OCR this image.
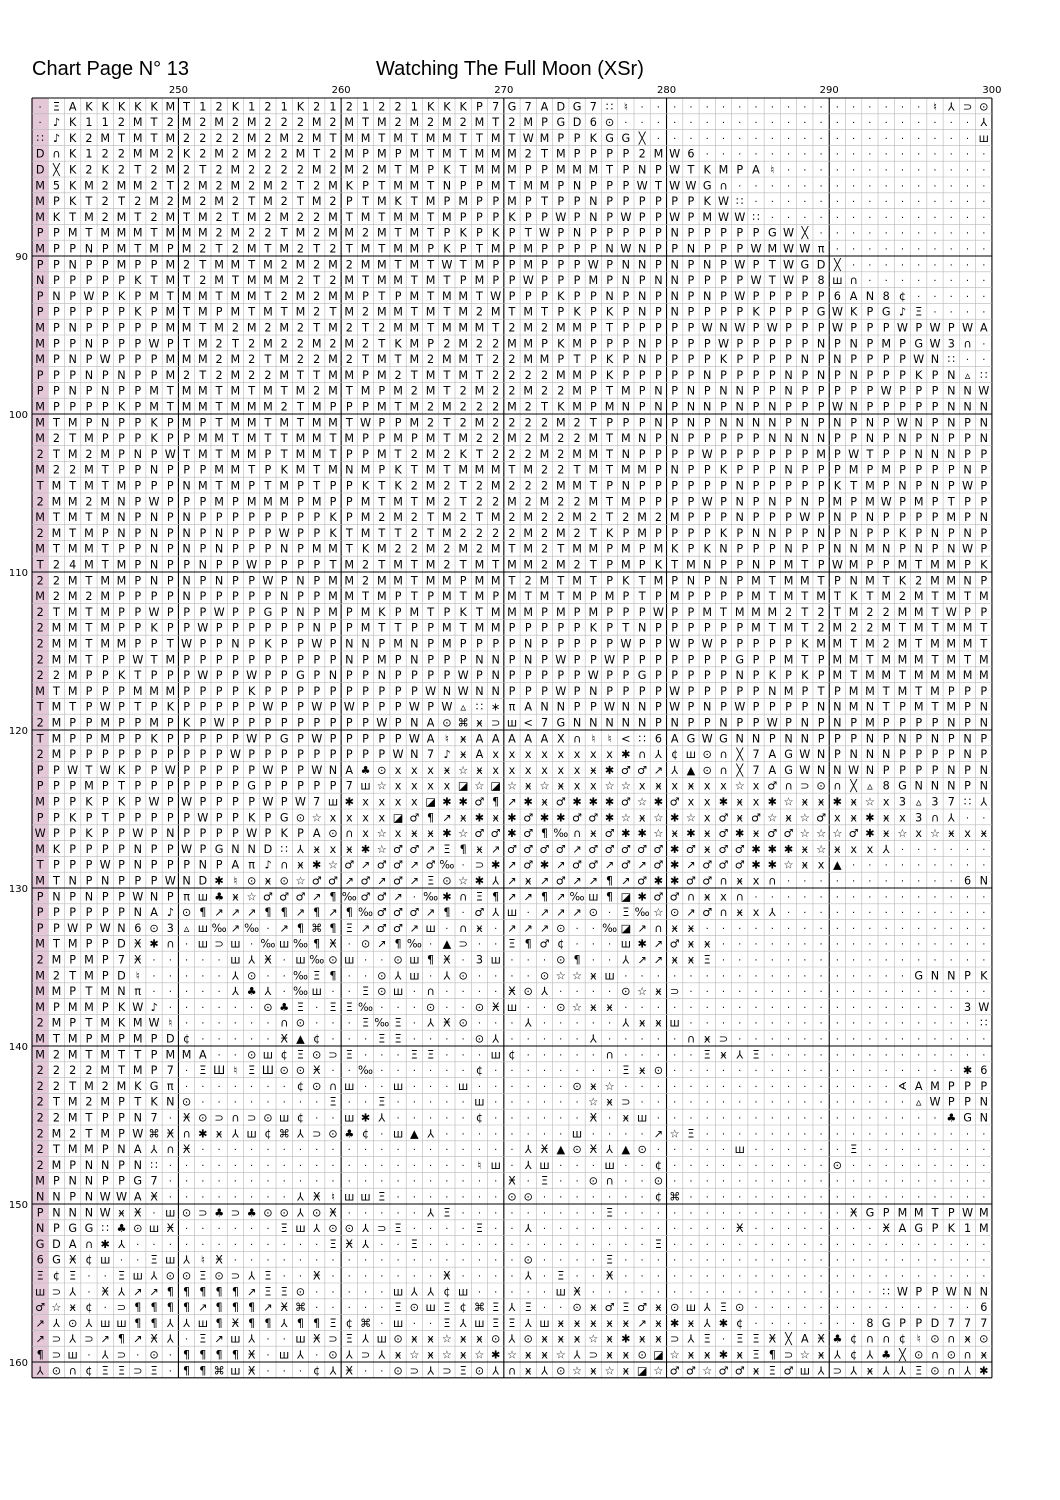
Chart Page N° 13	Watching The Full Moon (XSr)
· Ξ A K K K K K M T 1 2 K 1 2 1 K 2 1 2 1 2 2 1 K K K P 7 G 7 A D G 7 ∷ ♮ · · · · · · · · · · · · · · · · · · ♮ ⅄ ⊃ ⊙
· ♪ K 1 1 2 M T 2 M 2 M 2 M 2 2 2 M 2 M T M 2 M 2 M 2 M T 2 M P G D 6 ⊙ · · · · · · · · · · · · · · · · · · · · · · ⅄
∷ ♪ K 2 M T M T M 2 2 2 2 M 2 M 2 M T M M T M T M M T T M T W M P P K G G ╳ · · · · · · · · · · · · · · · · · · · · ш
D ∩ K 1 2 2 M M 2 K 2 M 2 M 2 2 M T 2 M P M P M T M T M M M 2 T M P P P P 2 M W 6 · · · · · · · · · · · · · · · · · ·
D ╳ K 2 K 2 T 2 M 2 T 2 M 2 2 2 2 M 2 M 2 M T M P K T M M M P P M M M T P N P W T K M P A ♮ · · · · · · · · · · · · ·
M 5 K M 2 M M 2 T 2 M 2 M 2 M 2 T 2 M K P T M M T N P P M T M M P N P P P W T W W G ∩ · · · · · · · · · · · · · · · ·
M P K T 2 T 2 M 2 M 2 M 2 T M 2 T M 2 P T M K T M P M P P M P T P P N P P P P P P K W ∷ · · · · · · · · · · · · · · ·
M K T M 2 M T 2 M T M 2 T M 2 M 2 2 M T M T M M T M P P P K P P W P N P W P P W P M W W ∷ · · · · · · · · · · · · · ·
P P M T M M M T M M M 2 M 2 2 T M 2 M M 2 M T M T P K P K P T W P N P P P P P N P P P P P G W ╳ · · · · · · · · · · ·
M P P N P M T M P M 2 T 2 M T M 2 T 2 T M T M M P K P T M P M P P P P N W N P P N P P P W M W W π · · · · · · · · · ·
P P N P P M P P M 2 T M M T M 2 M 2 M 2 M M T M T W T M P P M P P P W P N N P N P N P W P T W G D ╳ · · · · · · · · ·
N P P P P P K T M T 2 M T M M M 2 T 2 M T M M T M T P M P P W P P P M P N P N N P P P P W T W P 8 ш ∩ · · · · · · · ·
P N P W P K P M T M M T M M T 2 M 2 M M P T P M T M M T W P P P K P P N P N P N P N P W P P P P P 6 A N 8 ¢ · · · · ·
P P P P P P K P M T M P M T M T M 2 T M 2 M M T M T M 2 M T M T P K P K P N P N P P P P K P P P G W K P G ♪ Ξ · · · ·
M P N P P P P P M M T M 2 M 2 M 2 T M 2 T 2 M M T M M M T 2 M 2 M M P T P P P P P W N W P W P P P W P P P W P W P W A
M P P N P P P W P T M 2 T 2 M 2 2 M 2 M 2 T K M P 2 M 2 2 M M P K M P P P N P P P P W P P P P P N P N P M P G W 3 ∩ ·
M P N P W P P P M M M 2 M 2 T M 2 2 M 2 T M T M 2 M M T 2 2 M M P T P K P N P P P P K P P P P N P N P P P P W N ∷ · ·
P P P N P N P P M 2 T 2 M 2 2 M T T M M P M 2 T M T M T 2 2 2 2 M M P K P P P P P N P P P P N P N P N P P P K P N ▵ ∷
P P N P N P P M T M M T M T M T M 2 M T M P M 2 M T 2 M 2 2 M 2 2 M P T M P N P N P N N P P N P P P P P W P P P N N W
M P P P P K P M T M M T M M M 2 T M P P P M T M 2 M 2 2 2 M 2 T K M P M N P N P N N P N P N P P P W N P P P P P N N N
M T M P N P P K P M P T M M T M T M M T W P P M 2 T 2 M 2 2 2 2 M 2 T P P P N P N P N N N N P N P N P N P W N P N P N
M 2 T M P P P K P P M M T M T T M M T M P P M P M T M 2 2 M 2 M 2 2 M T M N P N P P P P P N N N N P P N P N P N P P N
2 T M 2 M P N P W T M T M M P T M M T P P M T 2 M 2 K T 2 2 2 M 2 M M T N P P P P W P P P P P P M P W T P P N N N P P
M 2 2 M T P P N P P P M M T P K M T M N M P K T M T M M M T M 2 2 T M T M M P N P P K P P P N P P P M P M P P P P N P
T M T M T M P P P N M T M P T M P T P P K T K 2 M 2 T 2 M 2 2 2 M M T P N P P P P P P N P P P P P K T M P N P N P W P
2 M M 2 M N P W P P P M P M M M P M P P M T M T M 2 T 2 2 M 2 M 2 2 M T M P P P P W P N P N P N P M P M W P M P T P P
M T M T M N P N P N P P P P P P P P K P M 2 M 2 T M 2 T M 2 M 2 2 M 2 T 2 M 2 M P P P N P P P W P N P N P P P P M P N
2 M T M P N P N P N P N P P P W P P K T M T T 2 T M 2 2 2 2 M 2 M 2 T K P M P P P P K P N N P P N P N P P K P N P N P
M T M M T P P N P N P N P P P N P M M T K M 2 2 M 2 M 2 M T M 2 T M M P M P M K P K N P P P N P P N N M N P N P N W P
T 2 4 M T M P N P P N P P W P P P P T M 2 T M T M 2 T M T M M 2 M 2 T P M P K T M N P P N P M T P W M P P M T M M P K
2 2 M T M M P N P N P N P P W P N P M M 2 M M T M M P M M T 2 M T M T P K T M P N P N P M T M M T P N M T K 2 M M N P
M 2 M 2 M P P P P N P P P P P N P P M M T M P T P M T M P M T M T M P M P T P M P P P P M T M T M T K T M 2 M T M T M
2 T M T M P P W P P P W P P G P N P M P M K P M T P K T M M M P M P M P P P W P P M T M M M 2 T 2 T M 2 2 M M T W P P
2 M M T M P P K P P W P P P P P P N P P M T T P P M T M M P P P P P K P T N P P P P P P M T M T 2 M 2 2 M T M T M M T
2 M M T M M P P T W P P N P K P P W P N N P M N P M P P P P N P P P P P W P P W P W P P P P P K M M T M 2 M T M M M T
2 M M T P P W T M P P P P P P P P P P N P M P N P P P N N P N P W P P W P P P P P P P G P P M T P M M T M M M T M T M
2 2 M P P K T P P P W P P W P P G P N P P N P P P P W P N P P P P P W P P G P P P P P N P K P K P M T M M T M M M M M
M T M P P P M M M P P P P K P P P P P P P P P P W N W N N P P P W P N P P P P W P P P P P N M P T P M M T M T M P P P
T M T P W P T P K P P P P P W P P W P W P P P W P W ▵ ∷ ∗ π A N N P P W N N P W P N P W P P P P N N M N T P M T M P N
2 M P P M P P M P K P W P P P P P P P P P W P N A ⊙ ⌘ ӿ ⊃ ш < 7 G N N N N N P N P P N P P W P N P N P M P P P P N P N
T M P P M P P K P P P P P W P G P W P P P P P W A ♮ ӿ A A A A A X ∩ ♮ ♮ < ∷ 6 A G W G N N P N N P P P N P N P N P N P
2 M P P P P P P P P P P W P P P P P P P P P W N 7 ♪ ӿ A x x x x x x x x ✱ ∩ ⅄ ¢ ш ⊙ ∩ ╳ 7 A G W N P N N N P P P P N P
P P W T W K P P W P P P P P W P P W N A ♣ ⊙ x x x ӿ ☆ ӿ x x x x x x ӿ ✱ ♂ ♂ ↗ ⅄ ▲ ⊙ ∩ ╳ 7 A G W N N W N P P P P N P N
P P P M P T P P P P P P P G P P P P P 7 ш ☆ x x x x ◪ ☆ ◪ ☆ ӿ ☆ ӿ x x ☆ ☆ x ӿ x ӿ x x ☆ x ♂ ∩ ⊃ ⊙ ∩ ╳ ▵ 8 G N N N P N
M P P K P K P W P W P P P P W P W 7 ш ✱ x x x x ◪ ✱ ✱ ♂ ¶ ↗ ✱ ӿ ♂ ✱ ✱ ✱ ♂ ☆ ✱ ♂ x x ✱ ӿ x ✱ ☆ ӿ ӿ ✱ ӿ ☆ x 3 ▵ 3 7 ∷ ⅄
P P K P T P P P P P W P P K P G ⊙ ☆ x x x x ◪ ♂ ¶ ↗ ӿ ✱ ӿ ✱ ♂ ✱ ✱ ♂ ♂ ✱ ☆ ӿ ☆ ✱ ☆ x ♂ ӿ ♂ ☆ ӿ ☆ ♂ x ӿ ✱ ӿ x 3 ∩ ⅄ · ·
W P P K P P W P N P P P P W P K P A ⊙ ∩ x ☆ x ӿ ӿ ✱ ☆ ♂ ♂ ✱ ♂ ¶ ‰ ∩ ӿ ♂ ✱ ✱ ☆ ӿ ✱ ӿ ♂ ✱ ӿ ♂ ♂ ☆ ☆ ☆ ♂ ✱ ӿ ☆ x ☆ ӿ x ӿ
M K P P P P N P P W P G N N D ∷ ⅄ ӿ x ӿ ✱ ☆ ♂ ♂ ↗ Ξ ¶ ӿ ↗ ♂ ♂ ♂ ♂ ↗ ♂ ♂ ♂ ♂ ♂ ✱ ♂ ӿ ♂ ♂ ✱ ✱ ✱ ӿ ☆ ӿ x x ⅄ · · · · · ·
T P P P W P N P P P N P A π ♪ ∩ ӿ ✱ ☆ ♂ ↗ ♂ ♂ ↗ ♂ ‰ · ⊃ ✱ ↗ ♂ ✱ ↗ ♂ ♂ ↗ ♂ ↗ ♂ ✱ ↗ ♂ ♂ ♂ ✱ ✱ ☆ ӿ x ▲ · · · · · · · · ·
M T N P N P P P W N D ✱ ♮ ⊙ ӿ ⊙ ☆ ♂ ♂ ↗ ♂ ↗ ♂ ↗ Ξ ⊙ ☆ ✱ ⅄ ↗ ӿ ↗ ♂ ↗ ↗ ¶ ↗ ♂ ✱ ✱ ♂ ♂ ∩ ӿ x ∩ · · · · · · · · · · · 6 N
P N P N P P W N P π ш ♣ ӿ ☆ ♂ ♂ ♂ ↗ ¶ ‰ ♂ ♂ ↗ · ‰ ✱ ∩ Ξ ¶ ↗ ↗ ¶ ↗ ‰ ш ¶ ◪ ✱ ♂ ♂ ∩ ӿ x ∩ · · · · · · · · · · · · · · ·
P P P P P P N A ♪ ⊙ ¶ ↗ ↗ ↗ ¶ ¶ ↗ ¶ ↗ ¶ ‰ ♂ ♂ ♂ ↗ ¶ · ♂ ⅄ ш · ↗ ↗ ↗ ⊙ · Ξ ‰ ☆ ⊙ ↗ ♂ ∩ ӿ x ⅄ · · · · · · · · · · · · ·
P P W P W N 6 ⊙ 3 ▵ ш ‰ ↗ ‰ · ↗ ¶ ⌘ ¶ Ξ ↗ ♂ ♂ ↗ ш · ∩ ӿ · ↗ ↗ ↗ ⊙ · · ‰ ◪ ↗ ∩ ӿ ӿ · · · · · · · · · · · · · · · · · ·
M T M P P D Ӿ ✱ ∩ · ш ⊃ ш · ‰ ш ‰ ¶ Ӿ · ⊙ ↗ ¶ ‰ · ▲ ⊃ · · Ξ ¶ ♂ ¢ · · · ш ✱ ↗ ♂ ӿ ӿ · · · · · · · · · · · · · · · · ·
2 M P M P 7 Ӿ · · · · · ш ⅄ Ӿ · ш ‰ ⊙ ш · · ⊙ ш ¶ Ӿ · 3 ш · · · ⊙ ¶ · · ⅄ ↗ ↗ ӿ ӿ Ξ · · · · · · · · · · · · · · · · ·
M 2 T M P D ♮ · · · · · ⅄ ⊙ · · ‰ Ξ ¶ · · ⊙ ⅄ ш · ⅄ ⊙ · · · · ⊙ ☆ ☆ ӿ ш · · · · · · · · · · · · · · · · · · G N N P K
M M P T M N π · · · · · ⅄ ♣ ⅄ · ‰ ш · · Ξ ⊙ ш · ∩ · · · · Ӿ ⊙ ⅄ · · · · ⊙ ☆ ӿ ⊃ · · · · · · · · · · · · · · · · · · ·
M P M M P K W ♪ · · · · · · ⊙ ♣ Ξ · Ξ Ξ ‰ · · · ⊙ · · ⊙ Ӿ ш · · ⊙ ☆ ӿ ӿ · · · · · · · · · · · · · · · · · · · · · 3 W
2 M P T M K M W ♮ · · · · · · ∩ ⊙ · · · Ξ ‰ Ξ · ⅄ Ӿ ⊙ · · · ⅄ · · · · · ⅄ ӿ ӿ ш · · · · · · · · · · · · · · · · · · ∷
M T M P M P M P D ¢ · · · · · Ӿ ▲ ¢ · · · Ξ Ξ · · · · ⊙ ⅄ · · · · · ⅄ · · · · · ∩ ӿ ⊃ · · · · · · · · · · · · · · · ·
M 2 M T M T T P M M A · · ⊙ ш ¢ Ξ ⊙ ⊃ Ξ · · · Ξ Ξ · · · ш ¢ · · · · · ∩ · · · · · Ξ ӿ ⅄ Ξ · · · · · · · · · · · · · ·
2 2 2 2 M T M P 7 · Ξ Ш ♮ Ξ Ш ⊙ ⊙ Ӿ · · ‰ · · · · · · ¢ · · · · · · · · Ξ ӿ ⊙ · · · · · · · · · · · · · · · · · · ✱ 6
2 2 T M 2 M K G π · · · · · · · ¢ ⊙ ∩ ш · · ш · · · ш · · · · · · ⊙ ӿ ☆ · · · · · · · · · · · · · · · · · ∢ A M P P P
2 T M 2 M P T K N ⊙ · · · · · · · · Ξ · · Ξ · · · · · ш · · · · · · ☆ ӿ ⊃ · · · · · · · · · · · · · · · · · ▵ W P P N
2 2 M T P P N 7 · Ӿ ⊙ ⊃ ∩ ⊃ ⊙ ш ¢ · · ш ✱ ⅄ · · · · · ¢ · · · · · · Ӿ · ӿ ш · · · · · · · · · · · · · · · · · · ♣ G N
2 M 2 T M P W ⌘ Ӿ ∩ ✱ ӿ ⅄ ш ¢ ⌘ ⅄ ⊃ ⊙ ♣ ¢ · ш ▲ ⅄ · · · · · · · · ш · · · · ↗ ☆ Ξ · · · · · · · · · · · · · · · · · ·
2 T M M P N A ⅄ ∩ Ӿ · · · · · · · · · · · · · · · · · · · · ⅄ Ӿ ▲ ⊙ Ӿ ⅄ ▲ ⊙ · · · · · ш · · · · · · Ξ · · · · · · · ·
2 M P N N P N ∷ · · · · · · · · · · · · · · · · · · · ♮ ш · ⅄ ш · · · ш · · ¢ · · · · · · · · · · ⊙ · · · · · · · · ·
M P N N P P G 7 · · · · · · · · · · · · · · · · · · · · · Ӿ · Ξ · · ⊙ ∩ · · ⊙ · · · · · · · · · · · · · · · · · · · ·
N N P N W W A Ӿ · · · · · · · · ⅄ Ӿ ♮ ш ш Ξ · · · · · · · ⊙ ⊙ · · · · · · · ¢ ⌘ · · · · · · · · · · · · · · · · · · ·
P N N N W ӿ Ӿ · ш ⊙ ⊃ ♣ ⊃ ♣ ⊙ ⊙ ⅄ ⊙ Ӿ · · · · · ⅄ Ξ · · · · · · · · · Ξ · · · · · · · · · · · · · · Ӿ G P M M T P W M
N P G G ∷ ♣ ⊙ ш Ӿ · · · · · · Ξ ш ⅄ ⊙ ⊙ ⅄ ⊃ Ξ · · · · Ξ · · ⅄ · · · · · · · · · · · · Ӿ · · · · · · · · Ӿ A G P K 1 M
G D A ∩ ✱ ⅄ · · · · · · · · · · · · Ξ Ӿ ⅄ · · Ξ · · · · · · · · · · · · · · Ξ · · · · · · · · · · · · · · · · · · · ·
6 G Ӿ ¢ ш · · Ξ ш ⅄ ♮ Ӿ · · · · · · · · · · · · · · · · · · ⊙ · · · · Ξ · · · · · · · · · · · · · · · · · · · · · · ·
Ξ ¢ Ξ · · Ξ ш ⅄ ⊙ ⊙ Ξ ⊙ ⊃ ⅄ Ξ · · Ӿ · · · · · · · Ӿ · · · · ⅄ · Ξ · · Ӿ · · · · · · · · · · · · · · · · · · · · · · ·
ш ⊃ ⅄ · Ӿ ⅄ ↗ ↗ ¶ ¶ ¶ ¶ ¶ ↗ Ξ Ξ ⊙ · · · · · ш ⅄ ⅄ ¢ ш · · · · · ш Ӿ · · · · · · · · · · · · · · · · · · ∷ W P P W N N
♂ ☆ ӿ ¢ · ⊃ ¶ ¶ ¶ ¶ ↗ ¶ ¶ ¶ ↗ Ӿ ⌘ · · · · · Ξ ⊙ ш Ξ ¢ ⌘ Ξ ⅄ Ξ · · ⊙ ӿ ♂ Ξ ♂ ӿ ⊙ ш ⅄ Ξ ⊙ · · · · · · · · · · · · · · 6
↗ ⅄ ⊙ ⅄ ш ш ¶ ¶ ⅄ ⅄ ш ¶ Ӿ ¶ ¶ ⅄ ¶ ¶ Ξ ¢ ⌘ · ш · · Ξ ⅄ ш Ξ Ξ ⅄ ш ӿ ӿ ӿ ӿ ӿ ↗ ӿ ✱ ӿ ⅄ ✱ ¢ · · · · · · · 8 G P P D 7 7 7
↗ ⊃ ⅄ ⊃ ↗ ¶ ↗ Ӿ ⅄ · Ξ ↗ ш ⅄ · · ш Ӿ ⊃ Ξ ⅄ ш ⊙ ӿ ӿ ☆ ӿ ӿ ⊙ ⅄ ⊙ ӿ ӿ ӿ ☆ ӿ ✱ ӿ ӿ ⊃ ⅄ Ξ · Ξ Ξ Ӿ ╳ A Ӿ ♣ ¢ ∩ ∩ ¢ ♮ ⊙ ∩ ӿ ⊙
¶ ⊃ ш · ⅄ ⊃ · ⊙ · ¶ ¶ ¶ ¶ Ӿ · ш ⅄ · ⊙ ⅄ ⊃ ⅄ ӿ ☆ ӿ ☆ ӿ ☆ ✱ ☆ ӿ ӿ ☆ ⅄ ⊃ ӿ ӿ ⊙ ◪ ☆ ӿ ӿ ✱ ӿ Ξ ¶ ⊃ ☆ ӿ ⅄ ¢ ⅄ ♣ ╳ ⊙ ∩ ⊙ ∩ ӿ
⅄ ⊙ ∩ ¢ Ξ Ξ ⊃ Ξ · ¶ ¶ ⌘ ш Ӿ · · · ¢ ⅄ Ӿ · · ⊙ ⊃ ⅄ ⊃ Ξ ⊙ ⅄ ∩ ӿ ⅄ ⊙ ☆ ӿ ☆ ӿ ◪ ☆ ♂ ♂ ☆ ♂ ♂ ӿ Ξ ♂ ш ⅄ ⊃ ⅄ ӿ ⅄ ⅄ Ξ ⊙ ∩ ⅄ ✱
250	260	270	280	290	300
90
100
110
120
130
140
150
160
